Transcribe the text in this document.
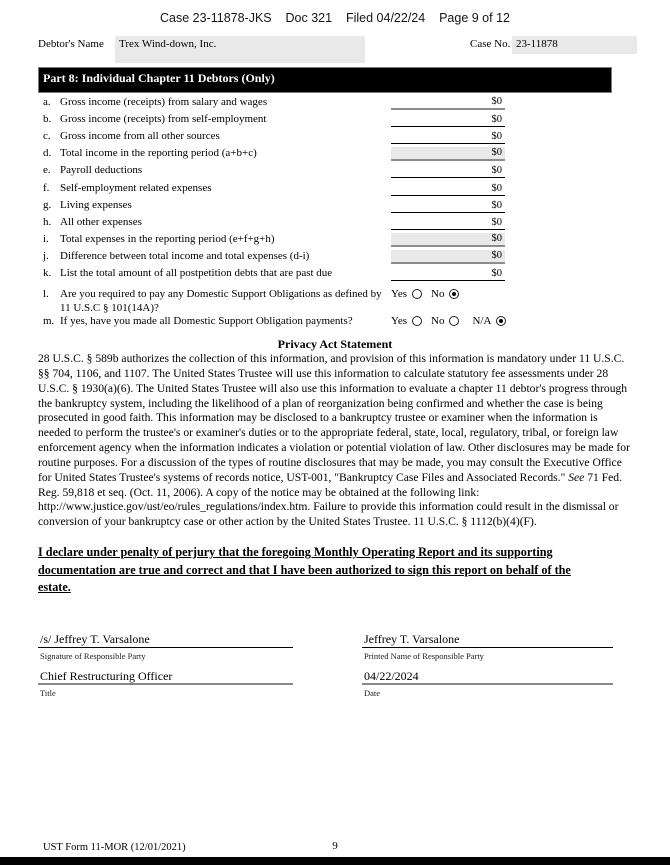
Case 23-11878-JKS    Doc 321    Filed 04/22/24    Page 9 of 12
Debtor's Name	Trex Wind-down, Inc.	Case No. 23-11878
Part 8: Individual Chapter 11 Debtors (Only)
a. Gross income (receipts) from salary and wages	$0
b. Gross income (receipts) from self-employment	$0
c. Gross income from all other sources	$0
d. Total income in the reporting period (a+b+c)	$0
e. Payroll deductions	$0
f. Self-employment related expenses	$0
g. Living expenses	$0
h. All other expenses	$0
i.	Total expenses in the reporting period (e+f+g+h)	$0
j.	Difference between total income and total expenses (d-i)	$0
k. List the total amount of all postpetition debts that are past due	$0
l.	Are you required to pay any Domestic Support Obligations as defined by 11 U.S.C § 101(14A)?
Yes No
m. If yes, have you made all Domestic Support Obligation payments?	Yes No	N/A
Privacy Act Statement
28 U.S.C. § 589b authorizes the collection of this information, and provision of this information is mandatory under 11 U.S.C. §§ 704, 1106, and 1107. The United States Trustee will use this information to calculate statutory fee assessments under 28 U.S.C. § 1930(a)(6). The United States Trustee will also use this information to evaluate a chapter 11 debtor's progress through the bankruptcy system, including the likelihood of a plan of reorganization being confirmed and whether the case is being prosecuted in good faith. This information may be disclosed to a bankruptcy trustee or examiner when the information is needed to perform the trustee's or examiner's duties or to the appropriate federal, state, local, regulatory, tribal, or foreign law enforcement agency when the information indicates a violation or potential violation of law. Other disclosures may be made for routine purposes. For a discussion of the types of routine disclosures that may be made, you may consult the Executive Office for United States Trustee's systems of records notice, UST-001, "Bankruptcy Case Files and Associated Records." See 71 Fed. Reg. 59,818 et seq. (Oct. 11, 2006). A copy of the notice may be obtained at the following link: http://www.justice.gov/ust/eo/rules_regulations/index.htm. Failure to provide this information could result in the dismissal or conversion of your bankruptcy case or other action by the United States Trustee. 11 U.S.C. § 1112(b)(4)(F).
I declare under penalty of perjury that the foregoing Monthly Operating Report and its supporting documentation are true and correct and that I have been authorized to sign this report on behalf of the estate.
/s/ Jeffrey T. Varsalone
Signature of Responsible Party
Jeffrey T. Varsalone
Printed Name of Responsible Party
Chief Restructuring Officer
Title
04/22/2024
Date
UST Form 11-MOR (12/01/2021)	9
